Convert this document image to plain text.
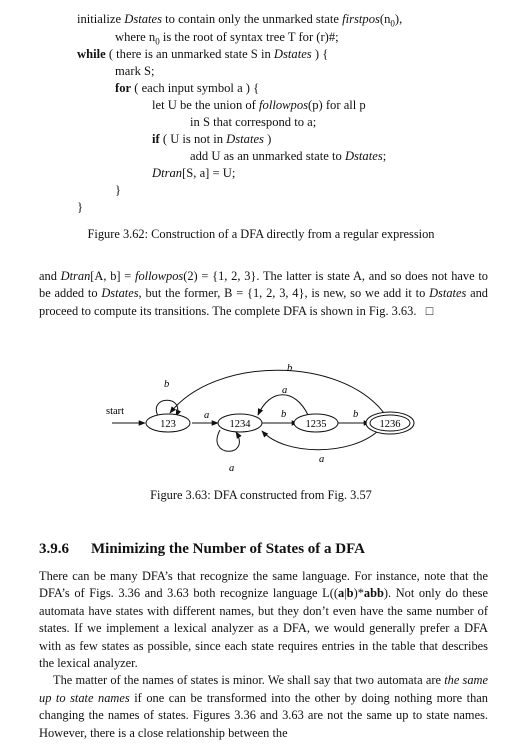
initialize Dstates to contain only the unmarked state $firstpos(n_0)$,
where $n_0$ is the root of syntax tree T for (r)#;
while ( there is an unmarked state S in Dstates ) {
mark S;
for ( each input symbol a ) {
let U be the union of followpos(p) for all p
in S that correspond to a;
if ( U is not in Dstates )
add U as an unmarked state to Dstates;
Dtran[S, a] = U;
}
}
Figure 3.62: Construction of a DFA directly from a regular expression

and Dtran[A, b] = followpos(2) = {1, 2, 3}. The latter is state A, and so does not have to be added to Dstates, but the former, B = {1, 2, 3, 4}, is new, so we add it to Dstates and proceed to compute its transitions. The complete DFA is shown in Fig. 3.63. □

start
b
a
a
a
b	b
a
b
123	1234	1235	1236
Figure 3.63: DFA constructed from Fig. 3.57
3.9.6 Minimizing the Number of States of a DFA

There can be many DFA’s that recognize the same language. For instance, note that the DFA’s of Figs. 3.36 and 3.63 both recognize language L((a|b)*abb). Not only do these automata have states with different names, but they don’t even have the same number of states. If we implement a lexical analyzer as a DFA, we would generally prefer a DFA with as few states as possible, since each state requires entries in the table that describes the lexical analyzer.

The matter of the names of states is minor. We shall say that two automata are the same up to state names if one can be transformed into the other by doing nothing more than changing the names of states. Figures 3.36 and 3.63 are not the same up to state names. However, there is a close relationship between the
